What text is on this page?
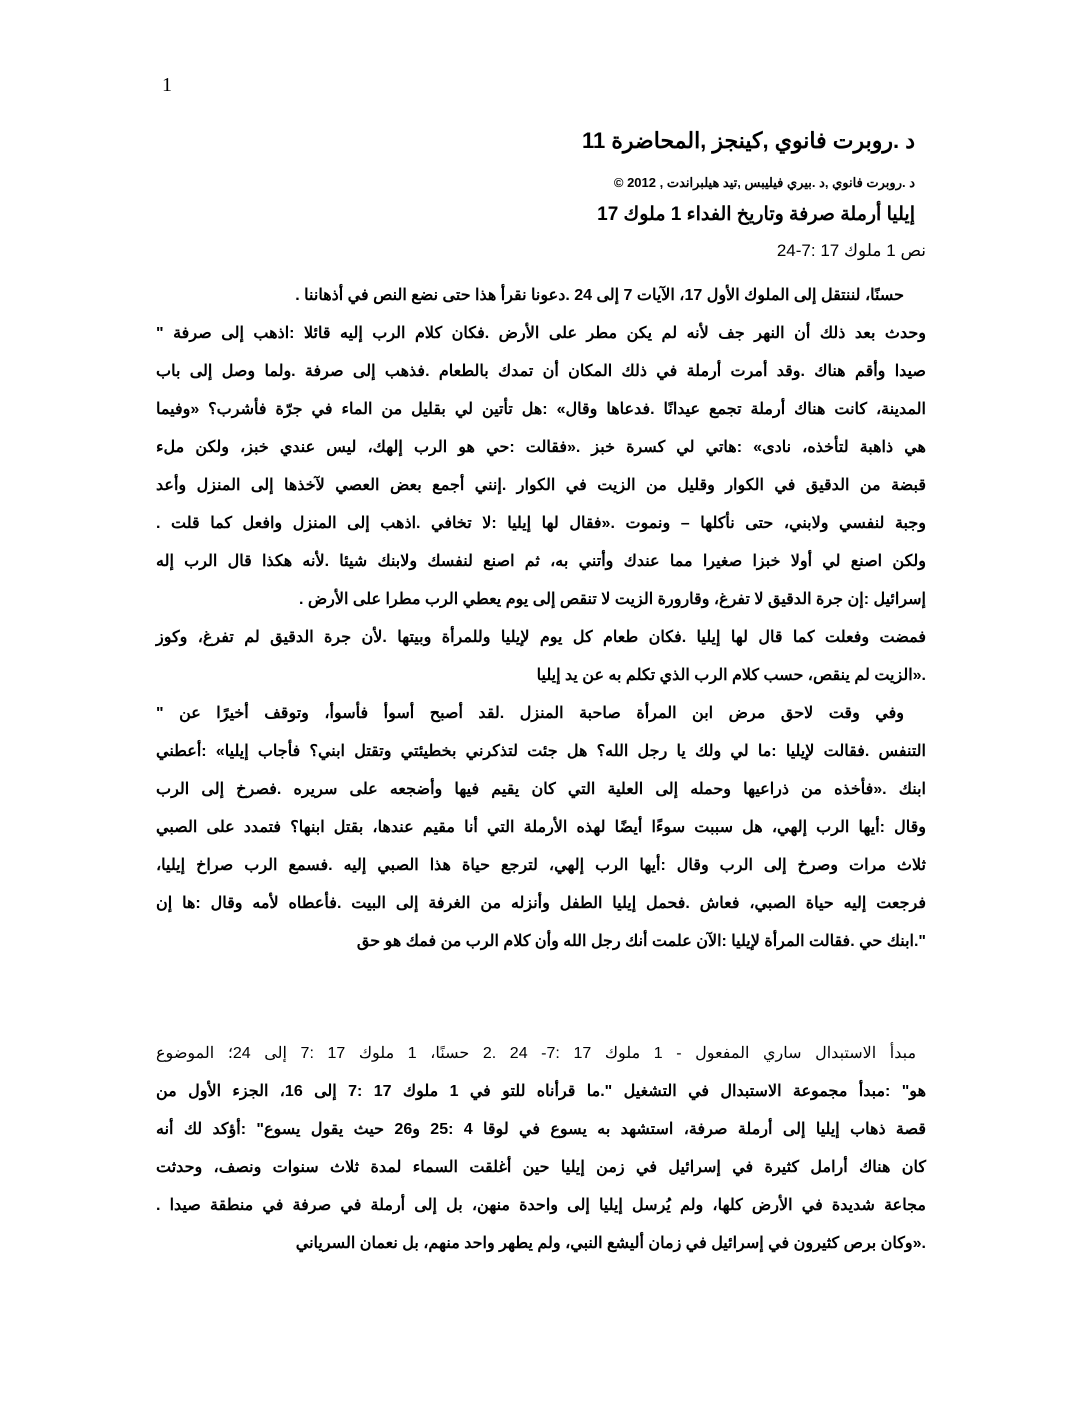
1
د .روبرت فانوي ,كينجز ,المحاضرة 11
د .روبرت فانوي ,د .بيري فيليبس ,تيد هيلبراندت , 2012 ©
إيليا أرملة صرفة وتاريخ الفداء 1 ملوك 17
نص 1 ملوك 17 :7-24
حسنًا، لننتقل إلى الملوك الأول 17، الآيات 7 إلى 24 .دعونا نقرأ هذا حتى نضع النص في أذهاننا .
وحدث بعد ذلك أن النهر جف لأنه لم يكن مطر على الأرض .فكان كلام الرب إليه قائلا :اذهب إلى صرفة "
صيدا وأقم هناك .وقد أمرت أرملة في ذلك المكان أن تمدك بالطعام .فذهب إلى صرفة .ولما وصل إلى باب
المدينة، كانت هناك أرملة تجمع عيدانًا .فدعاها وقال» :هل تأتين لي بقليل من الماء في جرّة فأشرب؟ «وفيما
هي ذاهبة لتأخذه، نادى» :هاتي لي كسرة خبز .«فقالت :حي هو الرب إلهك، ليس عندي خبز، ولكن ملء
قبضة من الدقيق في الكوار وقليل من الزيت في الكوار .إنني أجمع بعض العصي لآخذها إلى المنزل وأعد
وجبة لنفسي ولابني، حتى نأكلها – ونموت .«فقال لها إيليا :لا تخافي .اذهب إلى المنزل وافعل كما قلت .
ولكن اصنع لي أولا خبزا صغيرا مما عندك وأتني به، ثم اصنع لنفسك ولابنك شيئا .لأنه هكذا قال الرب إله
إسرائيل :إن جرة الدقيق لا تفرغ، وقارورة الزيت لا تنقص إلى يوم يعطي الرب مطرا على الأرض .
فمضت وفعلت كما قال لها إيليا .فكان طعام كل يوم لإيليا وللمرأة وبيتها .لأن جرة الدقيق لم تفرغ، وكوز
.«الزيت لم ينقص، حسب كلام الرب الذي تكلم به عن يد إيليا
وفي وقت لاحق مرض ابن المرأة صاحبة المنزل .لقد أصبح أسوأ فأسوأ، وتوقف أخيرًا عن "
التنفس .فقالت لإيليا :ما لي ولك يا رجل الله؟ هل جئت لتذكرني بخطيئتي وتقتل ابني؟ فأجاب إيليا» :أعطني
ابنك .«فأخذه من ذراعيها وحمله إلى العلية التي كان يقيم فيها وأضجعه على سريره .فصرخ إلى الرب
وقال :أيها الرب إلهي، هل سببت سوءًا أيضًا لهذه الأرملة التي أنا مقيم عندها، بقتل ابنها؟ فتمدد على الصبي
ثلاث مرات وصرخ إلى الرب وقال :أيها الرب إلهي، لترجع حياة هذا الصبي إليه .فسمع الرب صراخ إيليا،
فرجعت إليه حياة الصبي، فعاش .فحمل إيليا الطفل وأنزله من الغرفة إلى البيت .فأعطاه لأمه وقال :ها إن
".ابنك حي .فقالت المرأة لإيليا :الآن علمت أنك رجل الله وأن كلام الرب من فمك هو حق
مبدأ الاستبدال ساري المفعول - 1 ملوك 17 :7- 24 .2 حسنًا، 1 ملوك 17 :7 إلى 24؛ الموضوع
هو" :مبدأ مجموعة الاستبدال في التشغيل ".ما قرأناه للتو في 1 ملوك 17 :7 إلى 16، الجزء الأول من
قصة ذهاب إيليا إلى أرملة صرفة، استشهد به يسوع في لوقا 4 :25 و26 حيث يقول يسوع" :أؤكد لك أنه
كان هناك أرامل كثيرة في إسرائيل في زمن إيليا حين أغلقت السماء لمدة ثلاث سنوات ونصف، وحدثت
مجاعة شديدة في الأرض كلها، ولم يُرسل إيليا إلى واحدة منهن، بل إلى أرملة في صرفة في منطقة صيدا .
.«وكان برص كثيرون في إسرائيل في زمان أليشع النبي، ولم يطهر واحد منهم، بل نعمان السرياني
